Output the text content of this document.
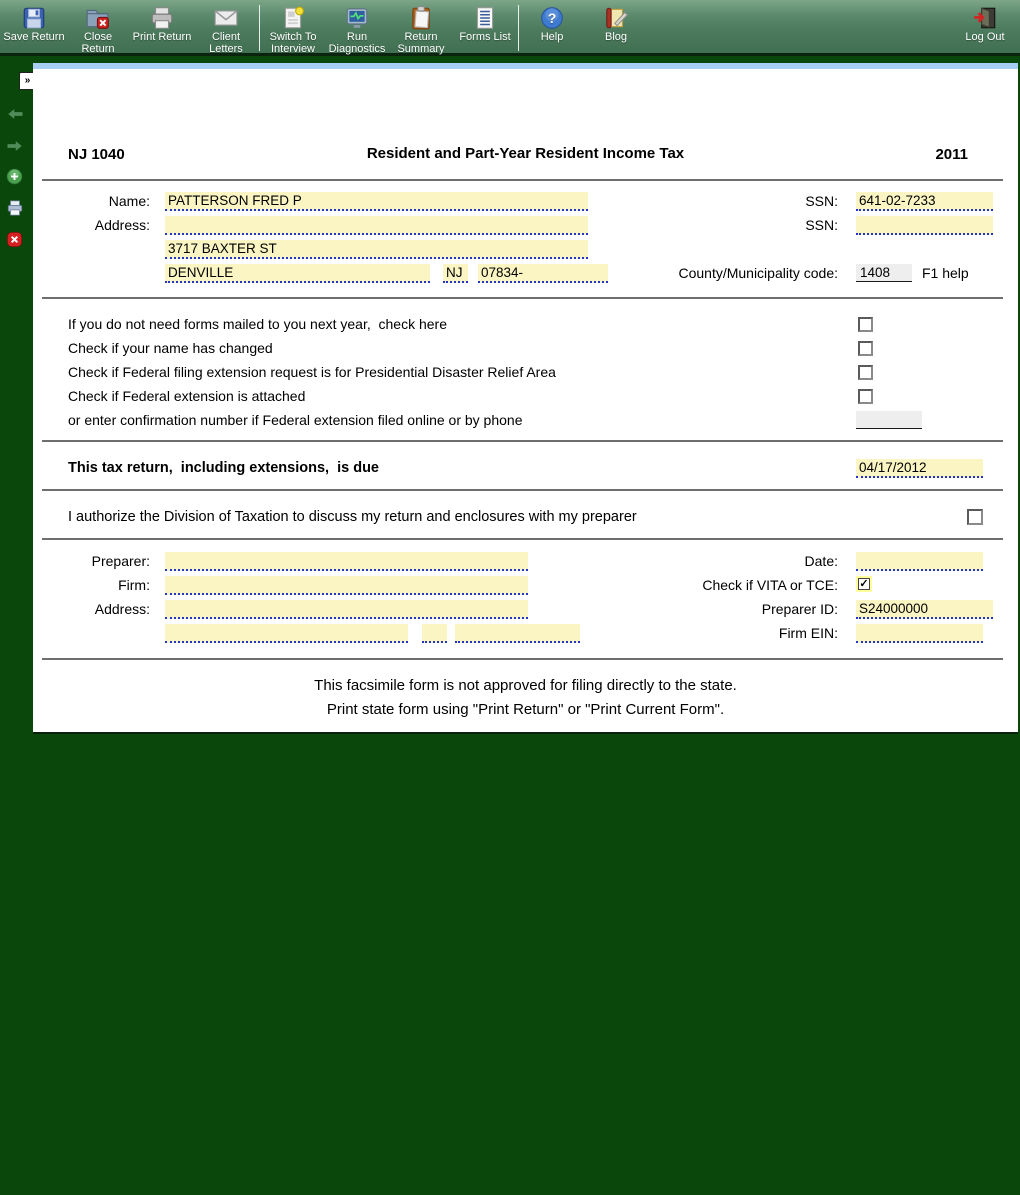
Save Return	Close Return
Print Return	Client Letters
Switch To Interview
Run Diagnostics
Return Summary
Forms List
?
Help	Blog	Log Out
»
NJ 1040	Resident and Part-Year Resident Income Tax	2011
Name: PATTERSON FRED P	SSN: 641-02-7233
Address:	SSN:
3717 BAXTER ST
DENVILLE	NJ	07834-	County/Municipality code: 1408	F1 help
If you do not need forms mailed to you next year,  check here
Check if your name has changed
Check if Federal filing extension request is for Presidential Disaster Relief Area
Check if Federal extension is attached
or enter confirmation number if Federal extension filed online or by phone
This tax return,  including extensions,  is due	04/17/2012
I authorize the Division of Taxation to discuss my return and enclosures with my preparer
Preparer:	Date:
Firm:	Check if VITA or TCE: ✓
Address:	Preparer ID: S24000000
Firm EIN:
This facsimile form is not approved for filing directly to the state.
Print state form using "Print Return" or "Print Current Form".
